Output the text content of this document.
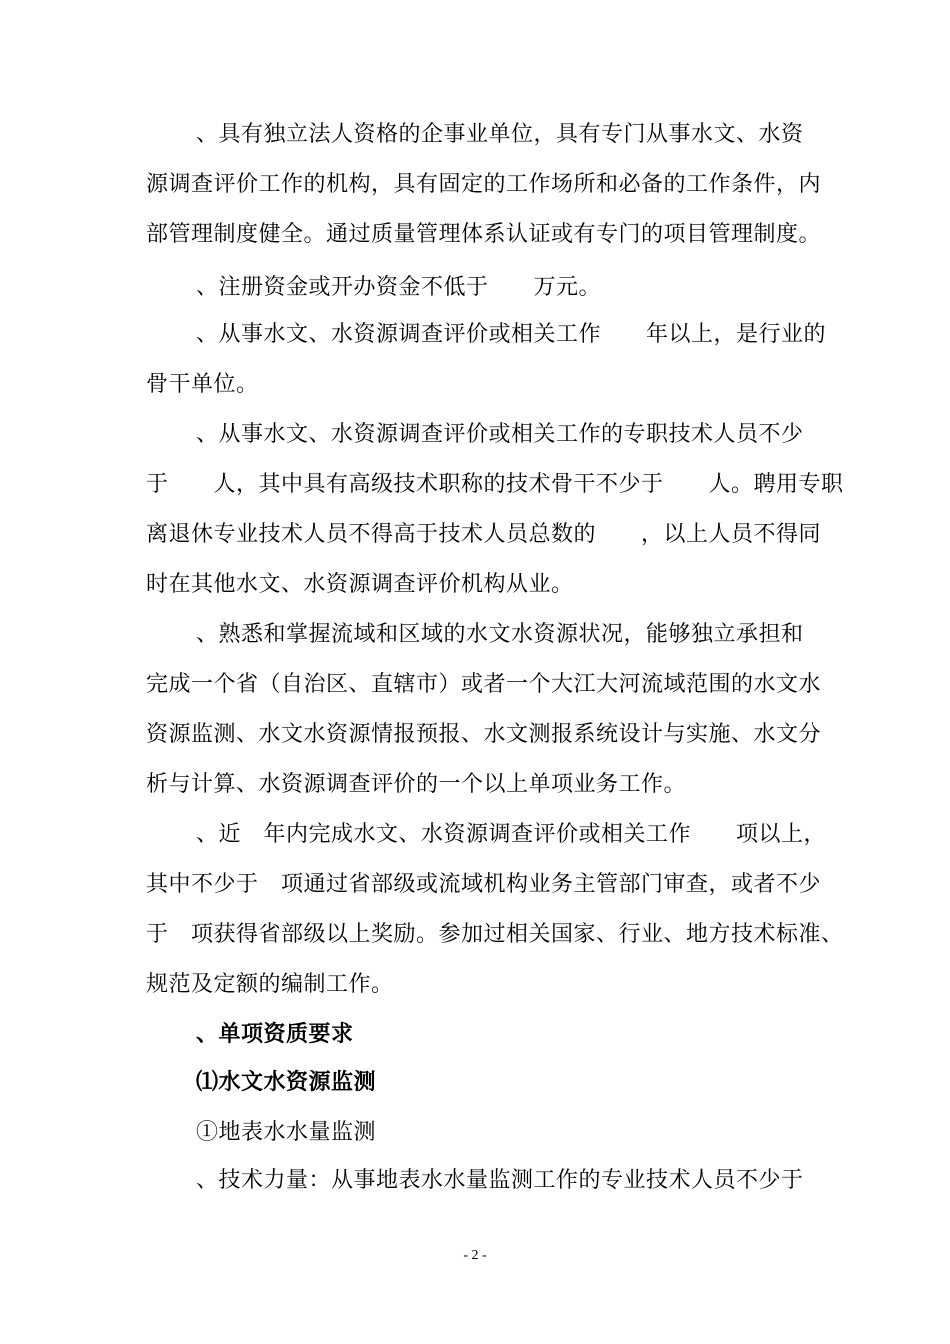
、具有独立法人资格的企事业单位，具有专门从事水文、水资
源调查评价工作的机构，具有固定的工作场所和必备的工作条件，内
部管理制度健全。通过质量管理体系认证或有专门的项目管理制度。
、注册资金或开办资金不低于　　万元。
、从事水文、水资源调查评价或相关工作　　年以上，是行业的
骨干单位。
、从事水文、水资源调查评价或相关工作的专职技术人员不少
于　　人，其中具有高级技术职称的技术骨干不少于　　人。聘用专职
离退休专业技术人员不得高于技术人员总数的　　，以上人员不得同
时在其他水文、水资源调查评价机构从业。
、熟悉和掌握流域和区域的水文水资源状况，能够独立承担和
完成一个省（自治区、直辖市）或者一个大江大河流域范围的水文水
资源监测、水文水资源情报预报、水文测报系统设计与实施、水文分
析与计算、水资源调查评价的一个以上单项业务工作。
、近　年内完成水文、水资源调查评价或相关工作　　项以上，
其中不少于　项通过省部级或流域机构业务主管部门审查，或者不少
于　项获得省部级以上奖励。参加过相关国家、行业、地方技术标准、
规范及定额的编制工作。
、单项资质要求
⑴水文水资源监测
①地表水水量监测
、技术力量：从事地表水水量监测工作的专业技术人员不少于
- 2 -
